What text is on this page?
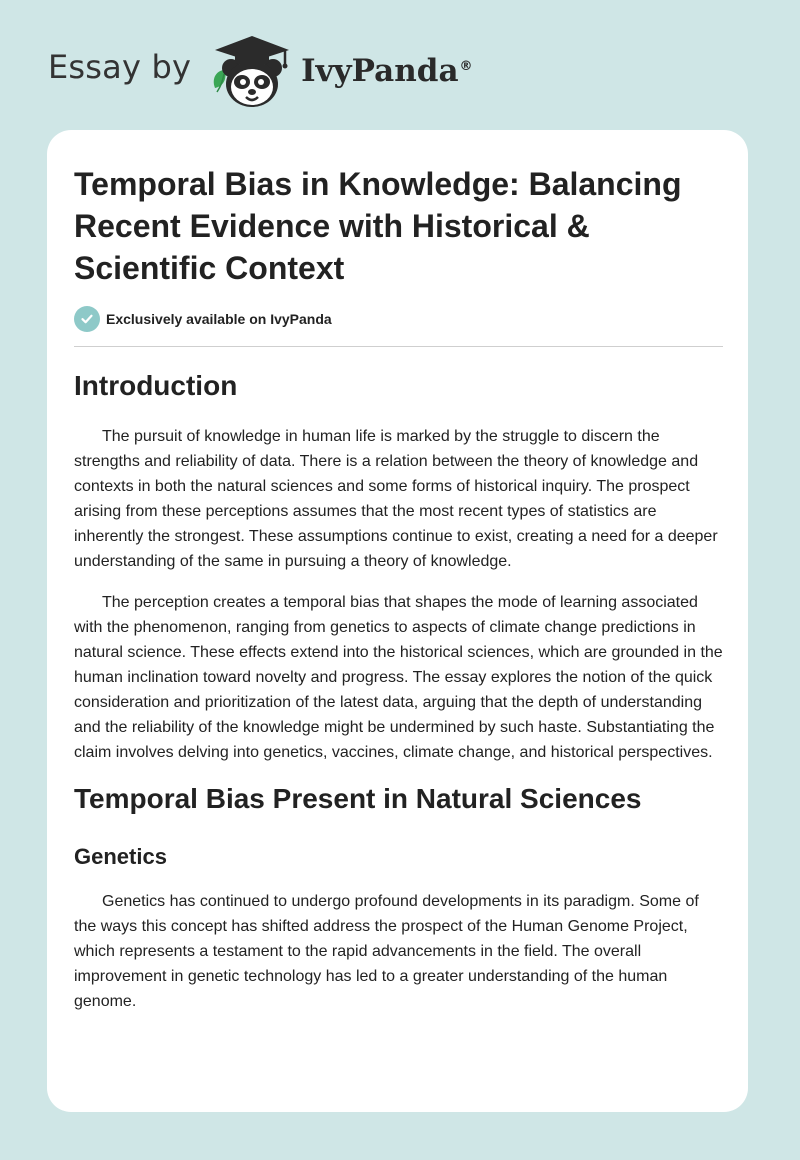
Essay by	IvyPanda®
Temporal Bias in Knowledge: Balancing Recent Evidence with Historical & Scientific Context
Exclusively available on IvyPanda
Introduction

The pursuit of knowledge in human life is marked by the struggle to discern the strengths and reliability of data. There is a relation between the theory of knowledge and contexts in both the natural sciences and some forms of historical inquiry. The prospect arising from these perceptions assumes that the most recent types of statistics are inherently the strongest. These assumptions continue to exist, creating a need for a deeper understanding of the same in pursuing a theory of knowledge.

The perception creates a temporal bias that shapes the mode of learning associated with the phenomenon, ranging from genetics to aspects of climate change predictions in natural science. These effects extend into the historical sciences, which are grounded in the human inclination toward novelty and progress. The essay explores the notion of the quick consideration and prioritization of the latest data, arguing that the depth of understanding and the reliability of the knowledge might be undermined by such haste. Substantiating the claim involves delving into genetics, vaccines, climate change, and historical perspectives.

Temporal Bias Present in Natural Sciences
Genetics

Genetics has continued to undergo profound developments in its paradigm. Some of the ways this concept has shifted address the prospect of the Human Genome Project, which represents a testament to the rapid advancements in the field. The overall improvement in genetic technology has led to a greater understanding of the human genome.
